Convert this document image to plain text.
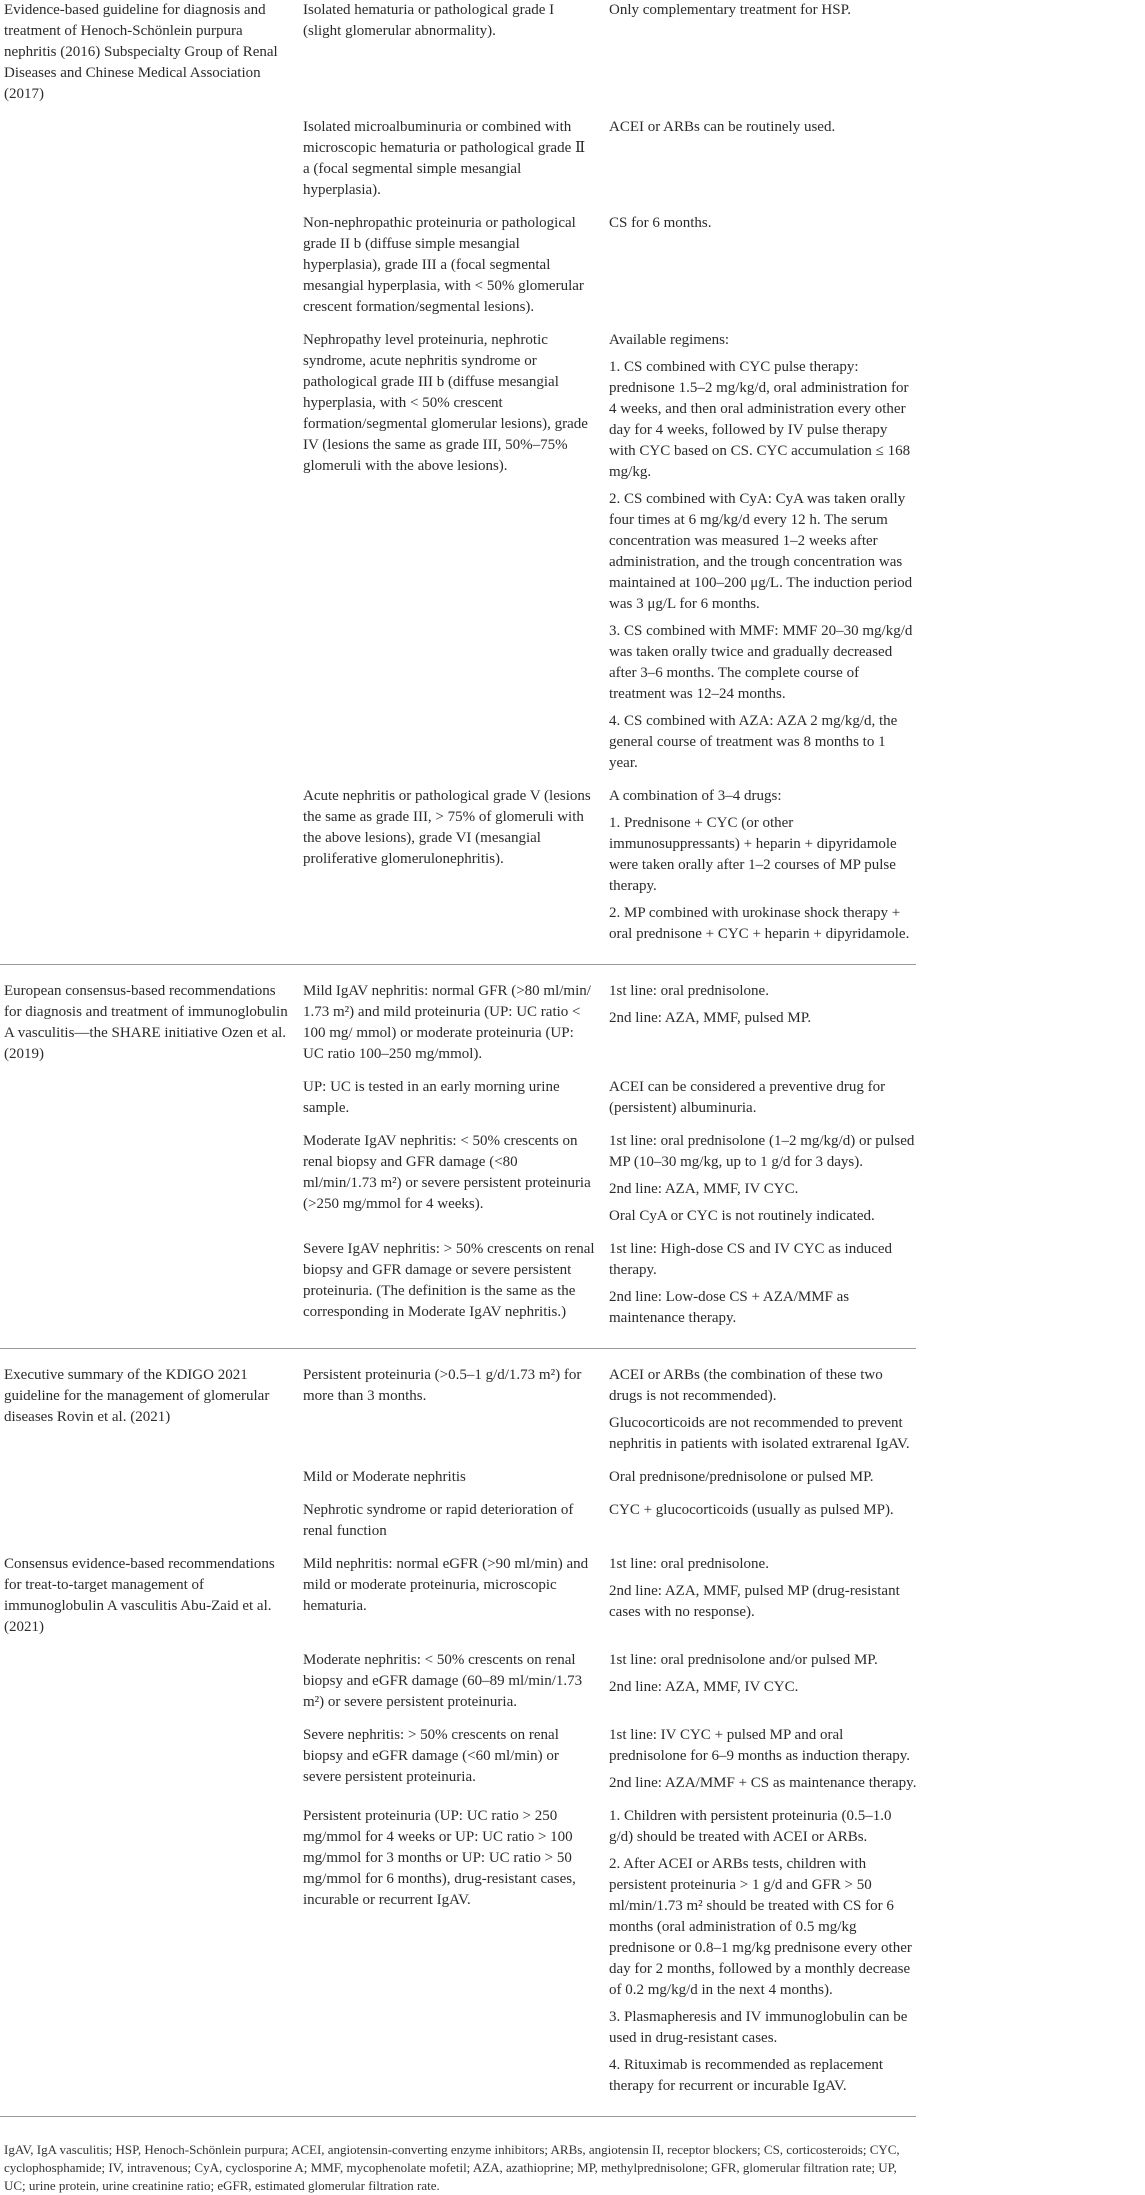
Evidence-based guideline for diagnosis and treatment of Henoch-Schönlein purpura nephritis (2016) Subspecialty Group of Renal Diseases and Chinese Medical Association (2017)

European consensus-based recommendations for diagnosis and treatment of immunoglobulin A vasculitis—the SHARE initiative Ozen et al. (2019)

Executive summary of the KDIGO 2021 guideline for the management of glomerular diseases Rovin et al. (2021)

Consensus evidence-based recommendations for treat-to-target management of immunoglobulin A vasculitis Abu-Zaid et al. (2021)

Isolated hematuria or pathological grade I (slight glomerular abnormality).

Isolated microalbuminuria or combined with microscopic hematuria or pathological grade Ⅱ a (focal segmental simple mesangial hyperplasia).

Non-nephropathic proteinuria or pathological grade II b (diffuse simple mesangial hyperplasia), grade III a (focal segmental mesangial hyperplasia, with < 50% glomerular crescent formation/segmental lesions).

Nephropathy level proteinuria, nephrotic syndrome, acute nephritis syndrome or pathological grade III b (diffuse mesangial hyperplasia, with < 50% crescent formation/segmental glomerular lesions), grade IV (lesions the same as grade III, 50%–75% glomeruli with the above lesions).

Acute nephritis or pathological grade V (lesions the same as grade III, > 75% of glomeruli with the above lesions), grade VI (mesangial proliferative glomerulonephritis).

Mild IgAV nephritis: normal GFR (>80 ml/min/ 1.73 m²) and mild proteinuria (UP: UC ratio < 100 mg/ mmol) or moderate proteinuria (UP: UC ratio 100–250 mg/mmol).

UP: UC is tested in an early morning urine sample.

Moderate IgAV nephritis: < 50% crescents on renal biopsy and GFR damage (<80 ml/min/1.73 m²) or severe persistent proteinuria (>250 mg/mmol for 4 weeks).

Severe IgAV nephritis: > 50% crescents on renal biopsy and GFR damage or severe persistent proteinuria. (The definition is the same as the corresponding in Moderate IgAV nephritis.)

Persistent proteinuria (>0.5–1 g/d/1.73 m²) for more than 3 months.

Mild or Moderate nephritis

Nephrotic syndrome or rapid deterioration of renal function

Mild nephritis: normal eGFR (>90 ml/min) and mild or moderate proteinuria, microscopic hematuria.

Moderate nephritis: < 50% crescents on renal biopsy and eGFR damage (60–89 ml/min/1.73 m²) or severe persistent proteinuria.

Severe nephritis: > 50% crescents on renal biopsy and eGFR damage (<60 ml/min) or severe persistent proteinuria.

Persistent proteinuria (UP: UC ratio > 250 mg/mmol for 4 weeks or UP: UC ratio > 100 mg/mmol for 3 months or UP: UC ratio > 50 mg/mmol for 6 months), drug-resistant cases, incurable or recurrent IgAV.

Only complementary treatment for HSP.

ACEI or ARBs can be routinely used.

CS for 6 months.

Available regimens:

1. CS combined with CYC pulse therapy: prednisone 1.5–2 mg/kg/d, oral administration for 4 weeks, and then oral administration every other day for 4 weeks, followed by IV pulse therapy with CYC based on CS. CYC accumulation ≤ 168 mg/kg.

2. CS combined with CyA: CyA was taken orally four times at 6 mg/kg/d every 12 h. The serum concentration was measured 1–2 weeks after administration, and the trough concentration was maintained at 100–200 μg/L. The induction period was 3 μg/L for 6 months.

3. CS combined with MMF: MMF 20–30 mg/kg/d was taken orally twice and gradually decreased after 3–6 months. The complete course of treatment was 12–24 months.

4. CS combined with AZA: AZA 2 mg/kg/d, the general course of treatment was 8 months to 1 year.

A combination of 3–4 drugs:

1. Prednisone + CYC (or other immunosuppressants) + heparin + dipyridamole were taken orally after 1–2 courses of MP pulse therapy.

2. MP combined with urokinase shock therapy + oral prednisone + CYC + heparin + dipyridamole.

1st line: oral prednisolone.

2nd line: AZA, MMF, pulsed MP.

ACEI can be considered a preventive drug for (persistent) albuminuria.

1st line: oral prednisolone (1–2 mg/kg/d) or pulsed MP (10–30 mg/kg, up to 1 g/d for 3 days).

2nd line: AZA, MMF, IV CYC.

Oral CyA or CYC is not routinely indicated.

1st line: High-dose CS and IV CYC as induced therapy.

2nd line: Low-dose CS + AZA/MMF as maintenance therapy.

ACEI or ARBs (the combination of these two drugs is not recommended).

Glucocorticoids are not recommended to prevent nephritis in patients with isolated extrarenal IgAV.

Oral prednisone/prednisolone or pulsed MP.

CYC + glucocorticoids (usually as pulsed MP).

1st line: oral prednisolone.

2nd line: AZA, MMF, pulsed MP (drug-resistant cases with no response).

1st line: oral prednisolone and/or pulsed MP.

2nd line: AZA, MMF, IV CYC.

1st line: IV CYC + pulsed MP and oral prednisolone for 6–9 months as induction therapy.

2nd line: AZA/MMF + CS as maintenance therapy.

1. Children with persistent proteinuria (0.5–1.0 g/d) should be treated with ACEI or ARBs.

2. After ACEI or ARBs tests, children with persistent proteinuria > 1 g/d and GFR > 50 ml/min/1.73 m² should be treated with CS for 6 months (oral administration of 0.5 mg/kg prednisone or 0.8–1 mg/kg prednisone every other day for 2 months, followed by a monthly decrease of 0.2 mg/kg/d in the next 4 months).

3. Plasmapheresis and IV immunoglobulin can be used in drug-resistant cases.

4. Rituximab is recommended as replacement therapy for recurrent or incurable IgAV.

IgAV, IgA vasculitis; HSP, Henoch-Schönlein purpura; ACEI, angiotensin-converting enzyme inhibitors; ARBs, angiotensin II, receptor blockers; CS, corticosteroids; CYC, cyclophosphamide; IV, intravenous; CyA, cyclosporine A; MMF, mycophenolate mofetil; AZA, azathioprine; MP, methylprednisolone; GFR, glomerular filtration rate; UP, UC; urine protein, urine creatinine ratio; eGFR, estimated glomerular filtration rate.
